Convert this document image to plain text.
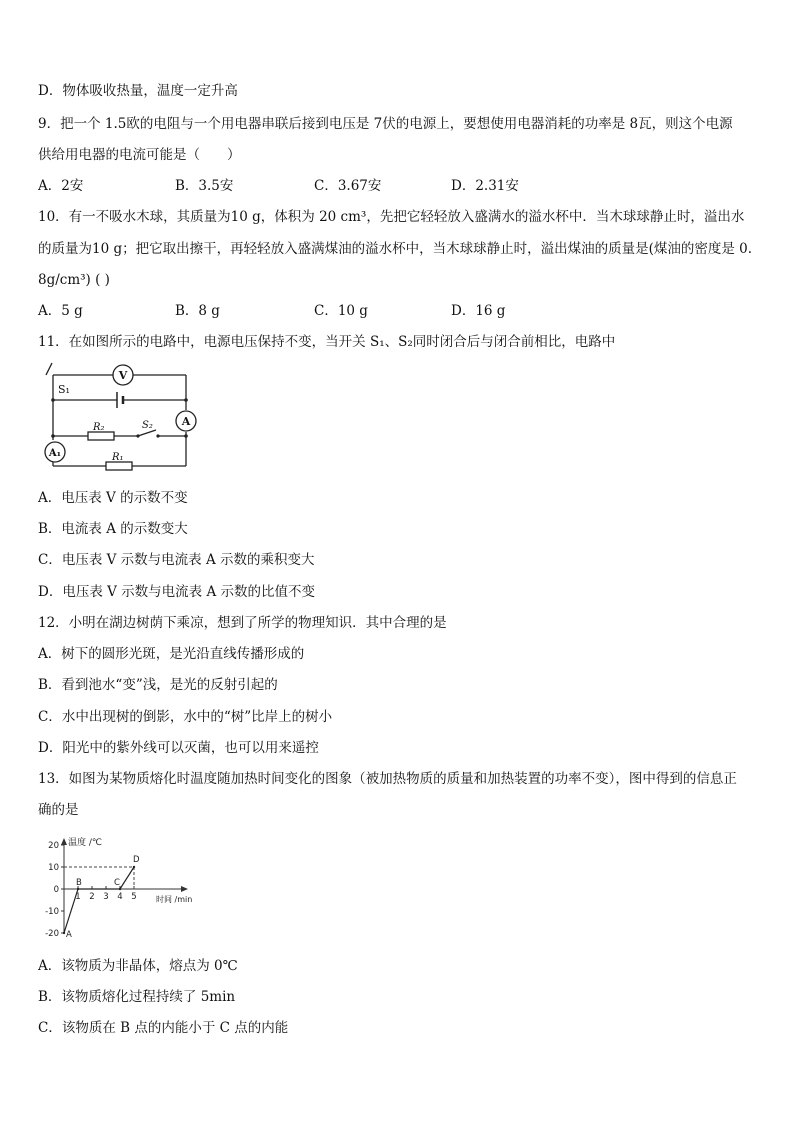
D．物体吸收热量，温度一定升高
9．把一个 1.5欧的电阻与一个用电器串联后接到电压是 7伏的电源上，要想使用电器消耗的功率是 8瓦，则这个电源
供给用电器的电流可能是（　　）
A．2安	B．3.5安	C．3.67安	D．2.31安
10．有一不吸水木球，其质量为10 g，体积为 20 cm³，先把它轻轻放入盛满水的溢水杯中．当木球球静止时，溢出水
的质量为10 g；把它取出擦干，再轻轻放入盛满煤油的溢水杯中，当木球球静止时，溢出煤油的质量是(煤油的密度是 0.
8g/cm³) ( )
A．5 g	B．8 g	C．10 g	D．16 g
11．在如图所示的电路中，电源电压保持不变，当开关 S₁、S₂同时闭合后与闭合前相比，电路中
V
A
A₁
S₁
S₂
R₂
R₁
A．电压表 V 的示数不变
B．电流表 A 的示数变大
C．电压表 V 示数与电流表 A 示数的乘积变大
D．电压表 V 示数与电流表 A 示数的比值不变
12．小明在湖边树荫下乘凉，想到了所学的物理知识．其中合理的是
A．树下的圆形光斑，是光沿直线传播形成的
B．看到池水“变”浅，是光的反射引起的
C．水中出现树的倒影，水中的“树”比岸上的树小
D．阳光中的紫外线可以灭菌，也可以用来遥控
13．如图为某物质熔化时温度随加热时间变化的图象（被加热物质的质量和加热装置的功率不变），图中得到的信息正
确的是
20
10
0
-10
-20
1 2 3 4 5
A
B	C
D
温度 /℃
时间 /min
A．该物质为非晶体，熔点为 0℃
B．该物质熔化过程持续了 5min
C．该物质在 B 点的内能小于 C 点的内能
